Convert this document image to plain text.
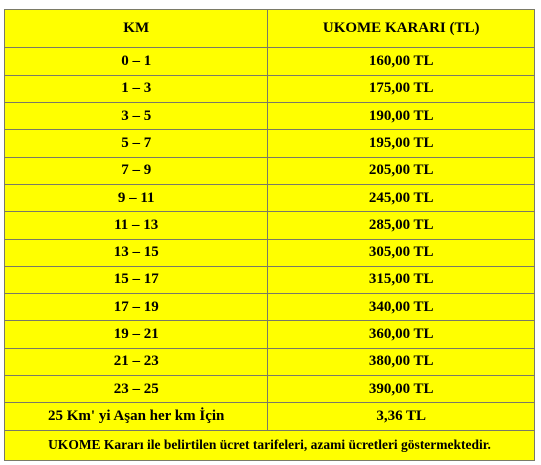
KM	UKOME KARARI (TL)
0 – 1	160,00 TL
1 – 3	175,00 TL
3 – 5	190,00 TL
5 – 7	195,00 TL
7 – 9	205,00 TL
9 – 11	245,00 TL
11 – 13	285,00 TL
13 – 15	305,00 TL
15 – 17	315,00 TL
17 – 19	340,00 TL
19 – 21	360,00 TL
21 – 23	380,00 TL
23 – 25	390,00 TL
25 Km' yi Aşan her km İçin	3,36 TL
UKOME Kararı ile belirtilen ücret tarifeleri, azami ücretleri göstermektedir.	
